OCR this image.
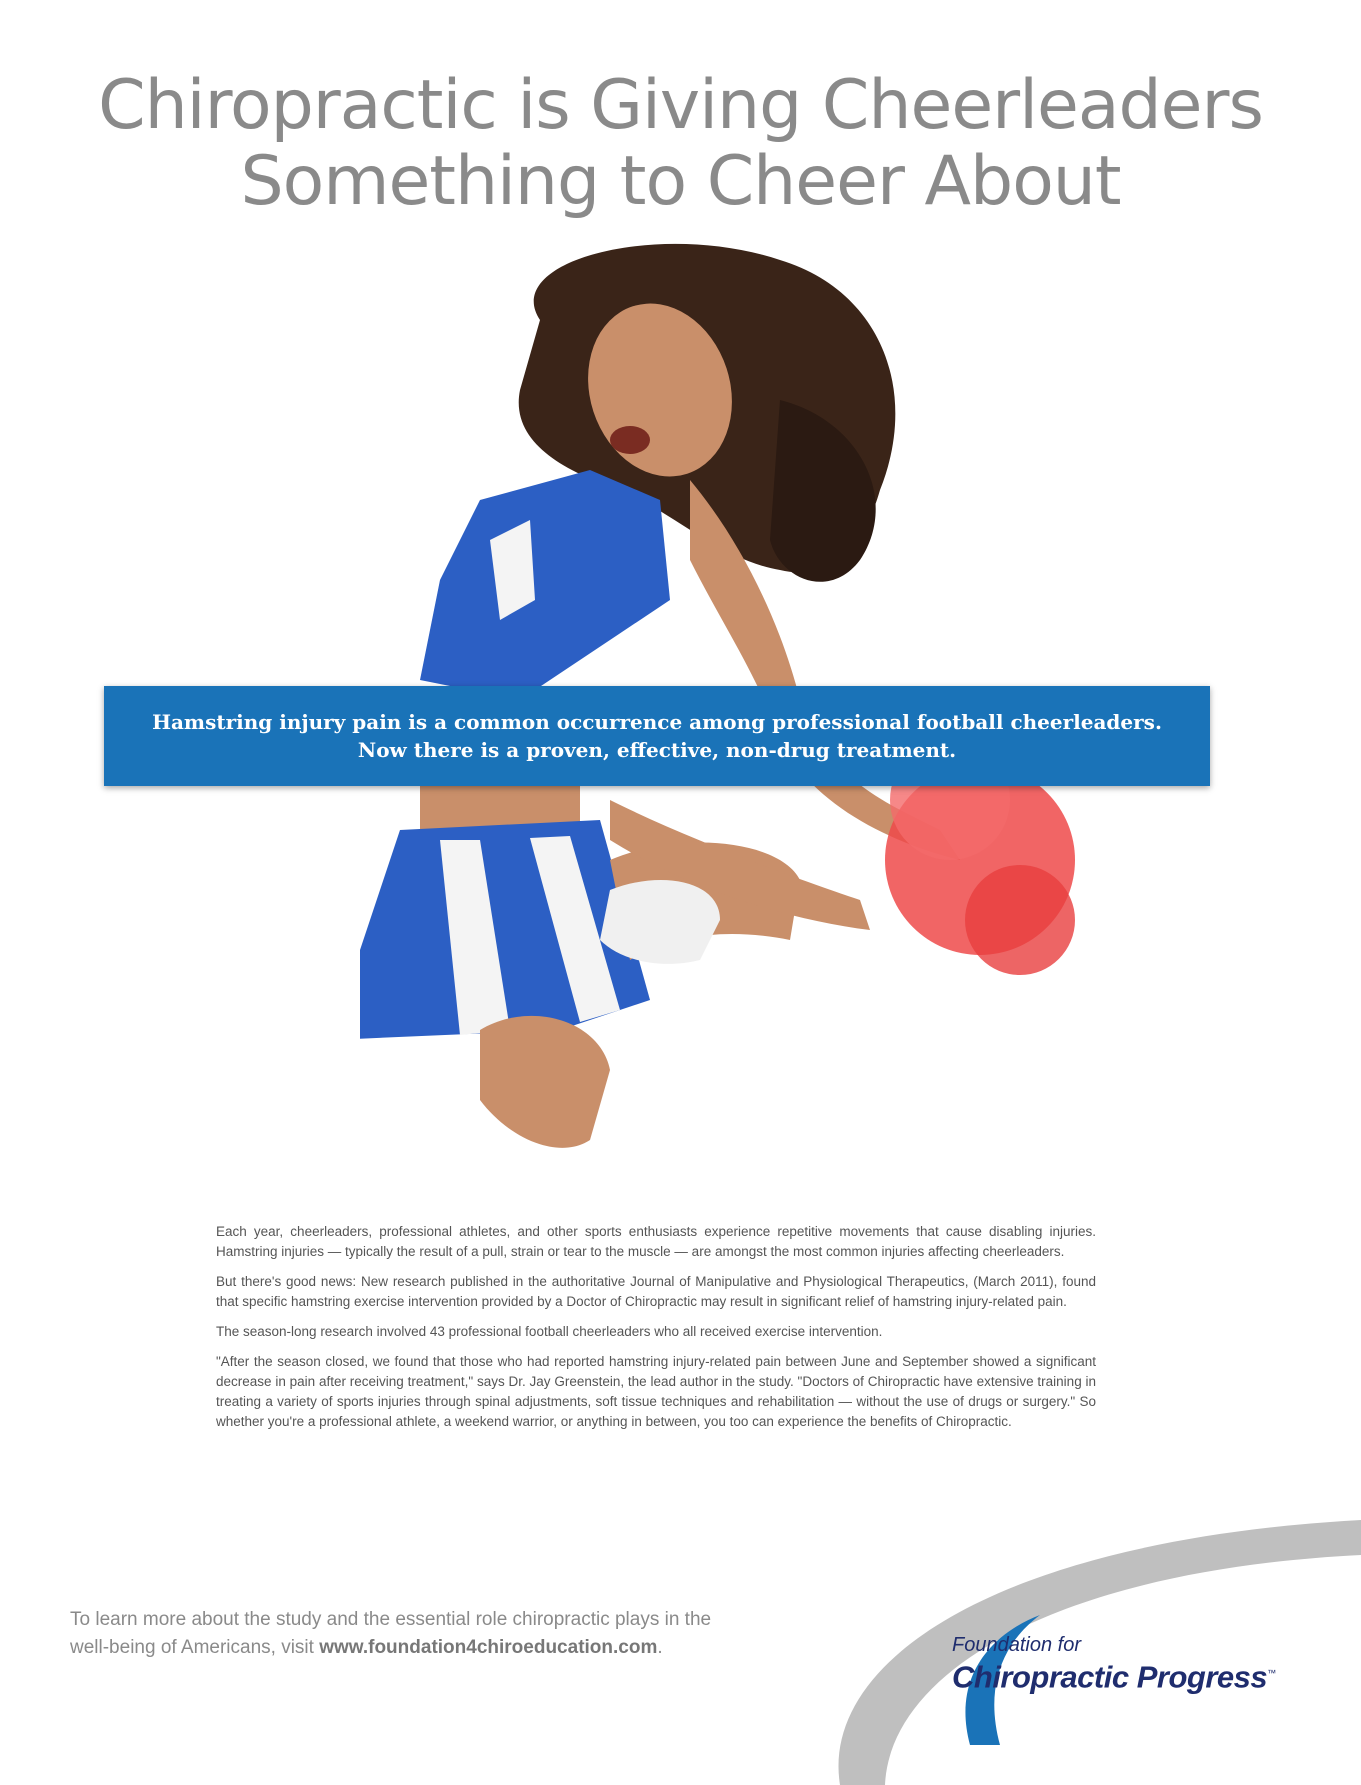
Chiropractic is Giving Cheerleaders
Something to Cheer About
Hamstring injury pain is a common occurrence among professional football cheerleaders.
Now there is a proven, effective, non-drug treatment.

Each year, cheerleaders, professional athletes, and other sports enthusiasts experience repetitive movements that cause disabling injuries. Hamstring injuries — typically the result of a pull, strain or tear to the muscle — are amongst the most common injuries affecting cheerleaders.

But there's good news: New research published in the authoritative Journal of Manipulative and Physiological Therapeutics, (March 2011), found that specific hamstring exercise intervention provided by a Doctor of Chiropractic may result in significant relief of hamstring injury-related pain.

The season-long research involved 43 professional football cheerleaders who all received exercise intervention.

"After the season closed, we found that those who had reported hamstring injury-related pain between June and September showed a significant decrease in pain after receiving treatment," says Dr. Jay Greenstein, the lead author in the study. "Doctors of Chiropractic have extensive training in treating a variety of sports injuries through spinal adjustments, soft tissue techniques and rehabilitation — without the use of drugs or surgery." So whether you're a professional athlete, a weekend warrior, or anything in between, you too can experience the benefits of Chiropractic.

To learn more about the study and the essential role chiropractic plays in the
well-being of Americans, visit www.foundation4chiroeducation.com.	Foundation for
Chiropractic Progress™
